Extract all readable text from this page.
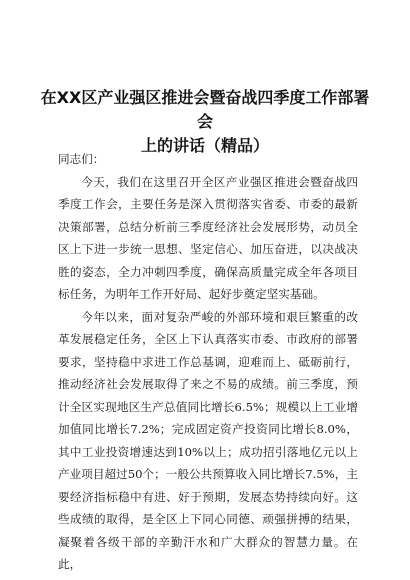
在XX区产业强区推进会暨奋战四季度工作部署会
上的讲话（精品）

同志们：

今天，我们在这里召开全区产业强区推进会暨奋战四季度工作会，主要任务是深入贯彻落实省委、市委的最新决策部署，总结分析前三季度经济社会发展形势，动员全区上下进一步统一思想、坚定信心、加压奋进，以决战决胜的姿态，全力冲刺四季度，确保高质量完成全年各项目标任务，为明年工作开好局、起好步奠定坚实基础。

今年以来，面对复杂严峻的外部环境和艰巨繁重的改革发展稳定任务，全区上下认真落实市委、市政府的部署要求，坚持稳中求进工作总基调，迎难而上、砥砺前行，推动经济社会发展取得了来之不易的成绩。前三季度，预计全区实现地区生产总值同比增长6.5%；规模以上工业增加值同比增长7.2%；完成固定资产投资同比增长8.0%，其中工业投资增速达到10%以上；成功招引落地亿元以上产业项目超过50个；一般公共预算收入同比增长7.5%，主要经济指标稳中有进、好于预期，发展态势持续向好。这些成绩的取得，是全区上下同心同德、顽强拼搏的结果，凝聚着各级干部的辛勤汗水和广大群众的智慧力量。在此，
